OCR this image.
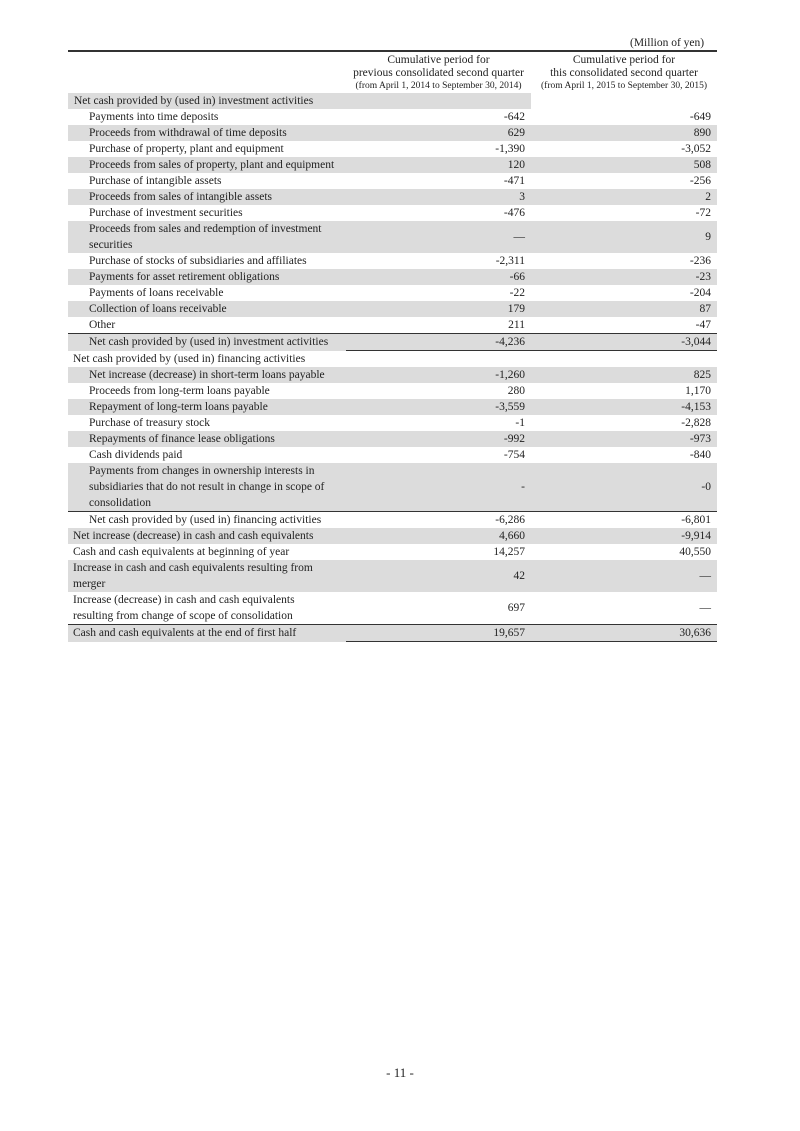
(Million of yen)

	Cumulative period for
previous consolidated second quarter
(from April 1, 2014 to September 30, 2014)	Cumulative period for
this consolidated second quarter
(from April 1, 2015 to September 30, 2015)

Net cash provided by (used in) investment activities		
Payments into time deposits	-642	-649
Proceeds from withdrawal of time deposits	629	890
Purchase of property, plant and equipment	-1,390	-3,052
Proceeds from sales of property, plant and equipment	120	508
Purchase of intangible assets	-471	-256
Proceeds from sales of intangible assets	3	2
Purchase of investment securities	-476	-72
Proceeds from sales and redemption of investment securities	—	9
Purchase of stocks of subsidiaries and affiliates	-2,311	-236
Payments for asset retirement obligations	-66	-23
Payments of loans receivable	-22	-204
Collection of loans receivable	179	87
Other	211	-47
Net cash provided by (used in) investment activities	-4,236	-3,044
Net cash provided by (used in) financing activities		
Net increase (decrease) in short-term loans payable	-1,260	825
Proceeds from long-term loans payable	280	1,170
Repayment of long-term loans payable	-3,559	-4,153
Purchase of treasury stock	-1	-2,828
Repayments of finance lease obligations	-992	-973
Cash dividends paid	-754	-840
Payments from changes in ownership interests in subsidiaries that do not result in change in scope of consolidation	-	-0
Net cash provided by (used in) financing activities	-6,286	-6,801
Net increase (decrease) in cash and cash equivalents	4,660	-9,914
Cash and cash equivalents at beginning of year	14,257	40,550
Increase in cash and cash equivalents resulting from merger	42	—
Increase (decrease) in cash and cash equivalents resulting from change of scope of consolidation	697	—
Cash and cash equivalents at the end of first half	19,657	30,636
- 11 -
